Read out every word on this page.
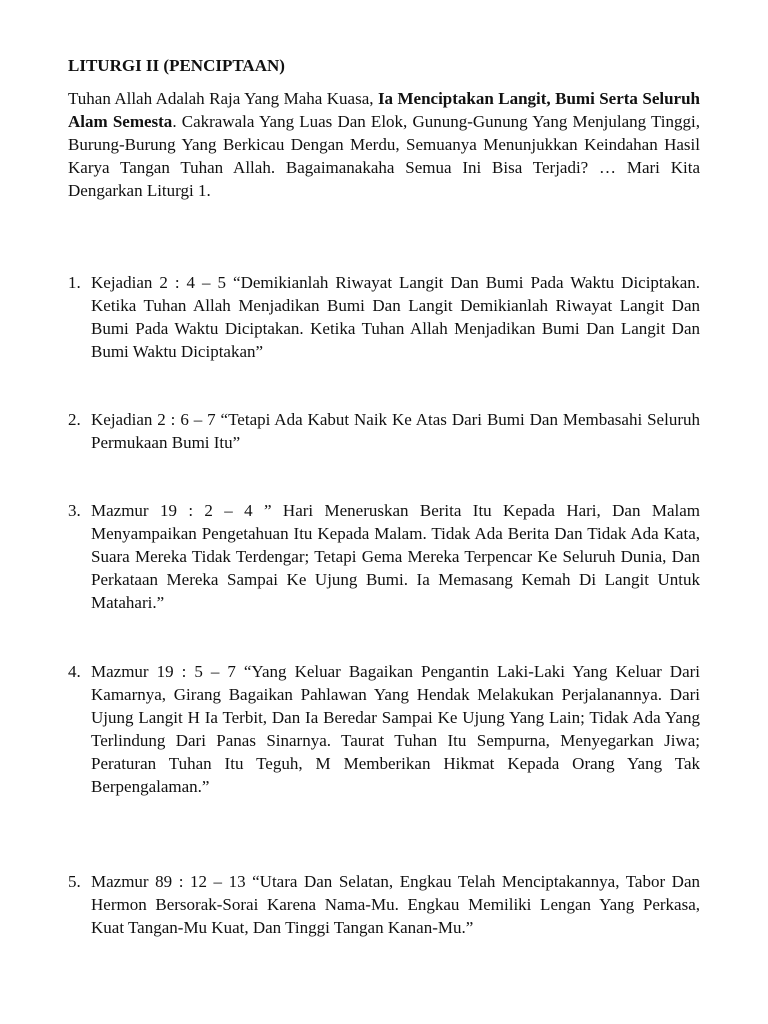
LITURGI II (PENCIPTAAN)
Tuhan Allah Adalah Raja Yang Maha Kuasa, Ia Menciptakan Langit, Bumi Serta Seluruh Alam Semesta. Cakrawala Yang Luas Dan Elok, Gunung-Gunung Yang Menjulang Tinggi, Burung-Burung Yang Berkicau Dengan Merdu, Semuanya Menunjukkan Keindahan Hasil Karya Tangan Tuhan Allah. Bagaimanakaha Semua Ini Bisa Terjadi? … Mari Kita Dengarkan Liturgi 1.
1. Kejadian 2 : 4 – 5 “Demikianlah Riwayat Langit Dan Bumi Pada Waktu Diciptakan. Ketika Tuhan Allah Menjadikan Bumi Dan Langit Demikianlah Riwayat Langit Dan Bumi Pada Waktu Diciptakan. Ketika Tuhan Allah Menjadikan Bumi Dan Langit Dan Bumi Waktu Diciptakan”
2. Kejadian 2 : 6 – 7 “Tetapi Ada Kabut Naik Ke Atas Dari Bumi Dan Membasahi Seluruh Permukaan Bumi Itu”
3. Mazmur 19 : 2 – 4 ” Hari Meneruskan Berita Itu Kepada Hari, Dan Malam Menyampaikan Pengetahuan Itu Kepada Malam. Tidak Ada Berita Dan Tidak Ada Kata, Suara Mereka Tidak Terdengar; Tetapi Gema Mereka Terpencar Ke Seluruh Dunia, Dan Perkataan Mereka Sampai Ke Ujung Bumi. Ia Memasang Kemah Di Langit Untuk Matahari.”
4. Mazmur 19 : 5 – 7 “Yang Keluar Bagaikan Pengantin Laki-Laki Yang Keluar Dari Kamarnya, Girang Bagaikan Pahlawan Yang Hendak Melakukan Perjalanannya. Dari Ujung Langit H Ia Terbit, Dan Ia Beredar Sampai Ke Ujung Yang Lain; Tidak Ada Yang Terlindung Dari Panas Sinarnya. Taurat Tuhan Itu Sempurna, Menyegarkan Jiwa; Peraturan Tuhan Itu Teguh, M Memberikan Hikmat Kepada Orang Yang Tak Berpengalaman.”
5. Mazmur 89 : 12 – 13 “Utara Dan Selatan, Engkau Telah Menciptakannya, Tabor Dan Hermon Bersorak-Sorai Karena Nama-Mu. Engkau Memiliki Lengan Yang Perkasa, Kuat Tangan-Mu Kuat, Dan Tinggi Tangan Kanan-Mu.”
